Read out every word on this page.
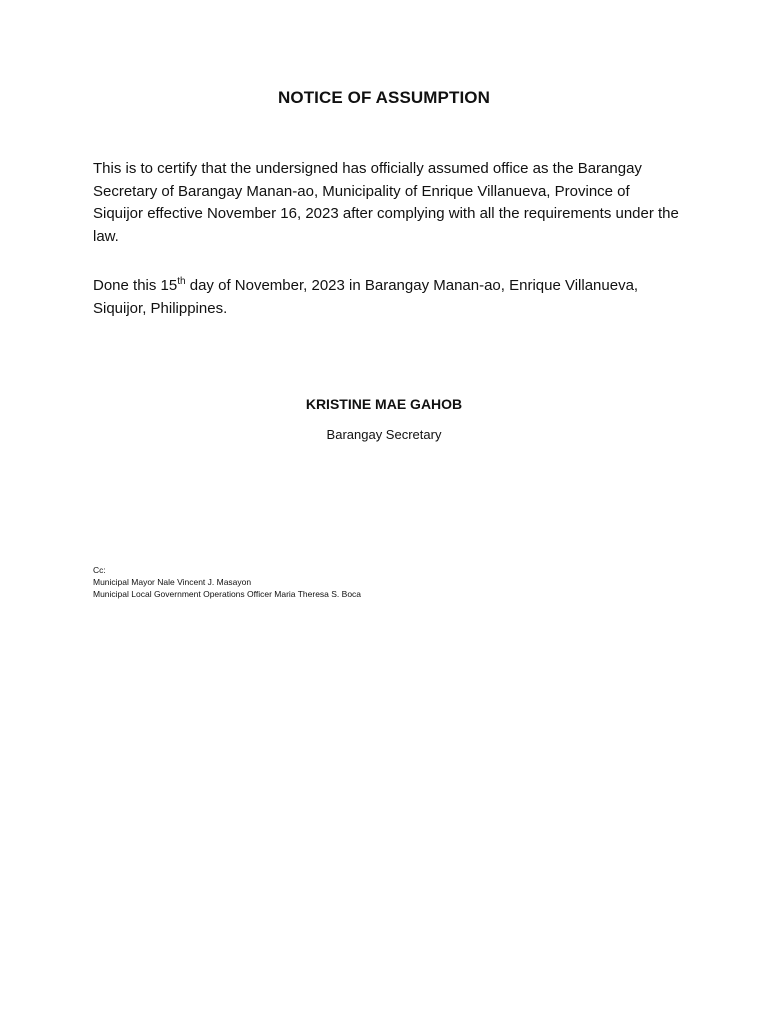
NOTICE OF ASSUMPTION
This is to certify that the undersigned has officially assumed office as the Barangay Secretary of Barangay Manan-ao, Municipality of Enrique Villanueva, Province of Siquijor effective November 16, 2023 after complying with all the requirements under the law.
Done this 15th day of November, 2023 in Barangay Manan-ao, Enrique Villanueva, Siquijor, Philippines.
KRISTINE MAE GAHOB
Barangay Secretary
Cc:
Municipal Mayor Nale Vincent J. Masayon
Municipal Local Government Operations Officer Maria Theresa S. Boca
